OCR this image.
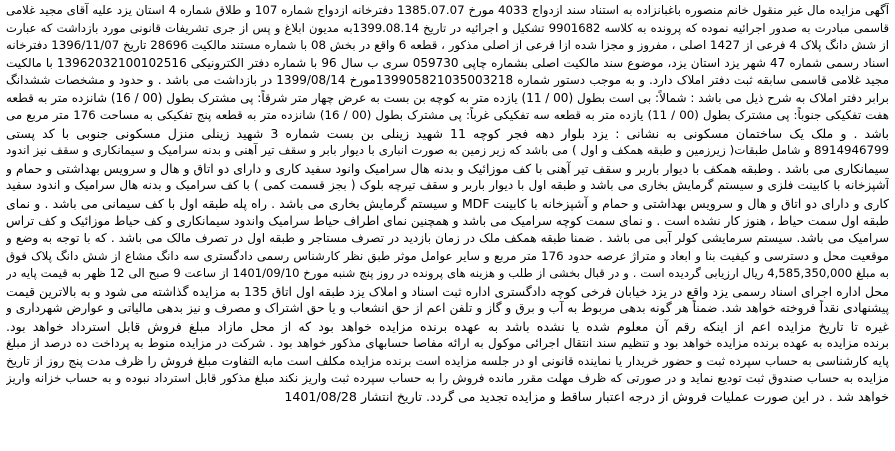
آگهی مزایده مال غیر منقول خانم منصوره باغبانزاده به استناد سند ازدواج 4033 مورخ 1385.07.07 دفترخانه ازدواج شماره 107 و طلاق شماره 4 استان یزد علیه آقای مجید غلامی
قاسمی مبادرت به صدور اجرائیه نموده که پرونده به کلاسه 9901682 تشکیل و اجرائیه در تاریخ 1399.08.14به مدیون ابلاغ و پس از جری تشریفات قانونی مورد بازداشت که عبارت
از شش دانگ پلاک 4 فرعی از 1427 اصلی ، مفروز و مجزا شده ازا فرعی از اصلی مذکور ، قطعه 6 واقع در بخش 08 با شماره مستند مالکیت 28696 تاریخ 1396/11/07 دفترخانه
اسناد رسمی شماره 47 شهر یزد استان یزد، موضوع سند مالکیت اصلی بشماره چاپی 059730 سری ب سال 96 با شماره دفتر الکترونیکی 13962032100102516 با مالکیت
مجید غلامی قاسمی سابقه ثبت دفتر املاک دارد. و به موجب دستور شماره 139905821035003218مورخ 1399/08/14 در بازداشت می باشد . و حدود و مشخصات ششدانگ
برابر دفتر املاک به شرح ذیل می باشد : شمالاً: بی است بطول (00 / 11) یازده متر به کوچه بن بست به عرض چهار متر شرقاً: پی مشترک بطول (00 / 16) شانزده متر به قطعه
هفت تفکیکی جنوباً: پی مشترک بطول (00 / 11) یازده متر به قطعه سه تفکیکی غرباً: پی مشترک بطول (00 / 16) شانزده متر به قطعه پنج تفکیکی به مساحت 176 متر مربع می
باشد . و ملک یک ساختمان مسکونی به نشانی : یزد بلوار دهه فجر کوچه 11 شهید زینلی بن بست شماره 3 شهید زینلی منزل مسکونی جنوبی با کد پستی
8914946799 و شامل طبقات( زیرزمین و طبقه همکف و اول ) می باشد که زیر زمین به صورت انباری با دیوار بابر و سقف تیر آهنی و بدنه سرامیک و سیمانکاری و سقف نیز اندود
سیمانکاری می باشد . وطبقه همکف با دیوار باربر و سقف تیر آهنی با کف موزائیک و بدنه هال سرامیک وانود سفید کاری و دارای دو اتاق و هال و سرویس بهداشتی و حمام و
آشپزخانه با کابینت فلزی و سیستم گرمایش بخاری می باشد و طبقه اول با دیوار باربر و سقف تیرچه بلوک ( بجز قسمت کمی ) با کف سرامیک و بدنه هال سرامیک و اندود سفید
کاری و دارای دو اتاق و هال و سرویس بهداشتی و حمام و آشپزخانه با کابینت MDF و سیستم گرمایش بخاری می باشد . راه پله طبقه اول با کف سیمانی می باشد . و نمای
طبقه اول سمت حیاط ، هنوز کار نشده است . و نمای سمت کوچه سرامیک می باشد و همچنین نمای اطراف حیاط سرامیک واندود سیمانکاری و کف حیاط موزائیک و کف تراس
سرامیک می باشد. سیستم سرمایشی کولر آبی می باشد . ضمنا طبقه همکف ملک در زمان بازدید در تصرف مستاجر و طبقه اول در تصرف مالک می باشد . که با توجه به وضع و
موقعیت محل و دسترسی و کیفیت بنا و ابعاد و متراژ عرصه حدود 176 متر مربع و سایر عوامل موثر طبق نظر کارشناس رسمی دادگستری سه دانگ مشاع از شش دانگ پلاک فوق
به مبلغ 4,585,350,000 ریال ارزیابی گردیده است . و در قبال بخشی از طلب و هزینه های پرونده در روز پنج شنبه مورخ 1401/09/10 از ساعت 9 صبح الی 12 ظهر به قیمت پایه در
محل اداره اجرای اسناد رسمی یزد واقع در یزد خیابان فرخی کوچه دادگستری اداره ثبت اسناد و املاک یزد طبقه اول اتاق 135 به مزایده گذاشته می شود و به بالاترین قیمت
پیشنهادی نقداً فروخته خواهد شد. ضمناً هر گونه بدهی مربوط به آب و برق و گاز و تلفن اعم از حق انشعاب و یا حق اشتراک و مصرف و نیز بدهی مالیاتی و عوارض شهرداری و
غیره تا تاریخ مزایده اعم از اینکه رقم آن معلوم شده یا نشده باشد به عهده برنده مزایده خواهد بود که از محل مازاد مبلغ فروش قابل استرداد خواهد بود.
برنده مزایده به عهده برنده مزایده خواهد بود و تنظیم سند انتقال اجرائی موکول به ارائه مفاصا حسابهای مذکور خواهد بود . شرکت در مزایده منوط به پرداخت ده درصد از مبلغ
پایه کارشناسی به حساب سپرده ثبت و حضور خریدار یا نماینده قانونی او در جلسه مزایده است برنده مزایده مکلف است مابه التفاوت مبلغ فروش را ظرف مدت پنج روز از تاریخ
مزایده به حساب صندوق ثبت تودیع نماید و در صورتی که ظرف مهلت مقرر مانده فروش را به حساب سپرده ثبت واریز نکند مبلغ مذکور قابل استرداد نبوده و به حساب خزانه واریز
خواهد شد . در این صورت عملیات فروش از درجه اعتبار ساقط و مزایده تجدید می گردد. تاریخ انتشار 1401/08/28
